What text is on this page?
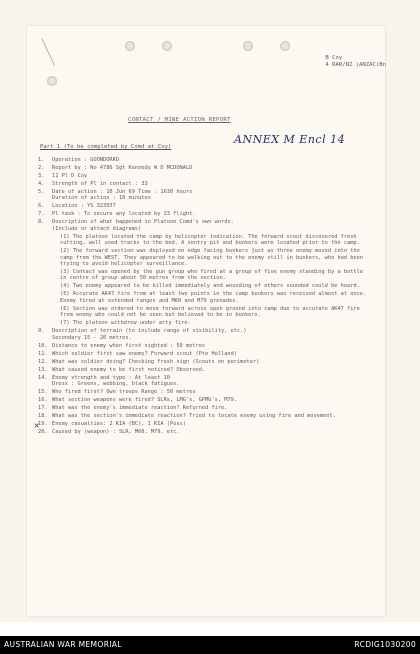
B Coy
4 RAR/NZ (ANZAC)Bn
CONTACT / MINE ACTION REPORT
ANNEX M Encl 14
Part 1 (To be completed by Comd at Coy)
1.	Operation : GOONDORRO
2.	Report by : No 4786 Sgt Kennedy W D MCDONALD
3.	11 Pl D Coy
4.	Strength of Pl in contact : 33
5.	Date of action : 10 Jun 69 Time : 1630 hours
Duration of action : 10 minutes
6.	Location : YS 323937
7.	Pl task : To secure any located by 23 flight.
8.	Description of what happened in Platoon Comd's own words.
(Include or attach diagrams)
(1) The platoon located the camp by helicopter indication. The forward scout discovered fresh cutting, well used tracks to the bed. A sentry pit and bunkers were located prior to the camp.
(2) The forward section was deployed on edge facing bunkers just as three enemy moved into the camp from the WEST. They appeared to be walking out to the enemy still in bunkers, who had been trying to avoid helicopter surveillance.
(3) Contact was opened by the gun group who fired at a group of five enemy standing by a bottle in centre of group about 50 metres from the section.
(4) Two enemy appeared to be killed immediately and wounding of others sounded could be heard.
(5) Accurate AK47 fire from at least two points in the camp bunkers was received almost at once. Enemy fired at extended ranges and M60 and M79 grenades.
(6) Section was ordered to move forward across open ground into camp due to accurate AK47 fire from enemy who could not be seen but believed to be in bunkers.
(7) The platoon withdrew under arty fire.
9.	Description of terrain (to include range of visibility, etc.)
Secondary 15 - 20 metres.
10. Distance to enemy when first sighted : 50 metres
11. Which soldier first saw enemy? Forward scout (Pte Holland)
12. What was soldier doing? Checking fresh sign (Scouts on perimeter)
13. What caused enemy to be first noticed? Observed.
14. Enemy strength and type : At least 10
Dress : Greens, webbing, black fatigues.
15. Who fired first? Own troops Range : 50 metres
16. What section weapons were fired? SLRs, LMG's, GPMG's, M79.
17. What was the enemy's immediate reaction? Returned fire.
18. What was the section's immediate reaction? Tried to locate enemy using fire and movement.
19. Enemy casualties: 2 KIA (BC), 1 KIA (Poss)
20. Caused by (weapon) : SLR, M60, M79, etc.
✕
AUSTRALIAN WAR MEMORIAL	RCDIG1030200
